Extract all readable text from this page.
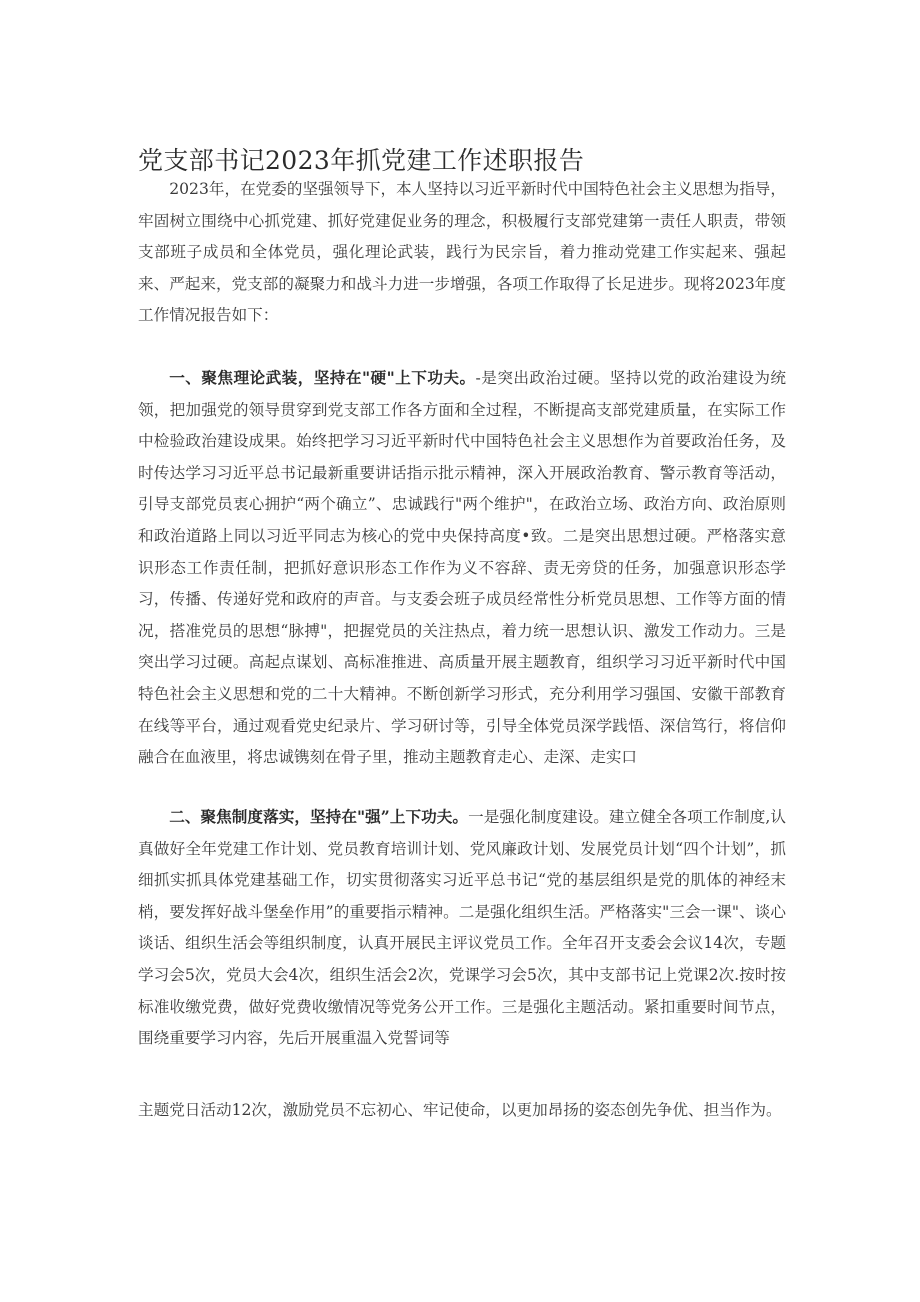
党支部书记2023年抓党建工作述职报告

2023年，在党委的坚强领导下，本人坚持以习近平新时代中国特色社会主义思想为指导，牢固树立围绕中心抓党建、抓好党建促业务的理念，积极履行支部党建第一责任人职责，带领支部班子成员和全体党员，强化理论武装，践行为民宗旨，着力推动党建工作实起来、强起来、严起来，党支部的凝聚力和战斗力进一步增强，各项工作取得了长足进步。现将2023年度工作情况报告如下：

一、聚焦理论武装，坚持在"硬"上下功夫。-是突出政治过硬。坚持以党的政治建设为统领，把加强党的领导贯穿到党支部工作各方面和全过程，不断提高支部党建质量，在实际工作中检验政治建设成果。始终把学习习近平新时代中国特色社会主义思想作为首要政治任务，及时传达学习习近平总书记最新重要讲话指示批示精神，深入开展政治教育、警示教育等活动，引导支部党员衷心拥护“两个确立”、忠诚践行"两个维护"，在政治立场、政治方向、政治原则和政治道路上同以习近平同志为核心的党中央保持高度•致。二是突出思想过硬。严格落实意识形态工作责任制，把抓好意识形态工作作为义不容辞、责无旁贷的任务，加强意识形态学习，传播、传递好党和政府的声音。与支委会班子成员经常性分析党员思想、工作等方面的情况，搭准党员的思想“脉搏"，把握党员的关注热点，着力统一思想认识、激发工作动力。三是突出学习过硬。高起点谋划、高标准推进、高质量开展主题教育，组织学习习近平新时代中国特色社会主义思想和党的二十大精神。不断创新学习形式，充分利用学习强国、安徽干部教育在线等平台，通过观看党史纪录片、学习研讨等，引导全体党员深学践悟、深信笃行，将信仰融合在血液里，将忠诚镌刻在骨子里，推动主题教育走心、走深、走实口

二、聚焦制度落实，坚持在"强”上下功夫。一是强化制度建设。建立健全各项工作制度,认真做好全年党建工作计划、党员教育培训计划、党风廉政计划、发展党员计划“四个计划”，抓细抓实抓具体党建基础工作，切实贯彻落实习近平总书记“党的基层组织是党的肌体的神经末梢，要发挥好战斗堡垒作用”的重要指示精神。二是强化组织生活。严格落实"三会一课"、谈心谈话、组织生活会等组织制度，认真开展民主评议党员工作。全年召开支委会会议14次，专题学习会5次，党员大会4次，组织生活会2次，党课学习会5次，其中支部书记上党课2次.按时按标准收缴党费，做好党费收缴情况等党务公开工作。三是强化主题活动。紧扣重要时间节点，围绕重要学习内容，先后开展重温入党誓词等

主题党日活动12次，激励党员不忘初心、牢记使命，以更加昂扬的姿态创先争优、担当作为。
